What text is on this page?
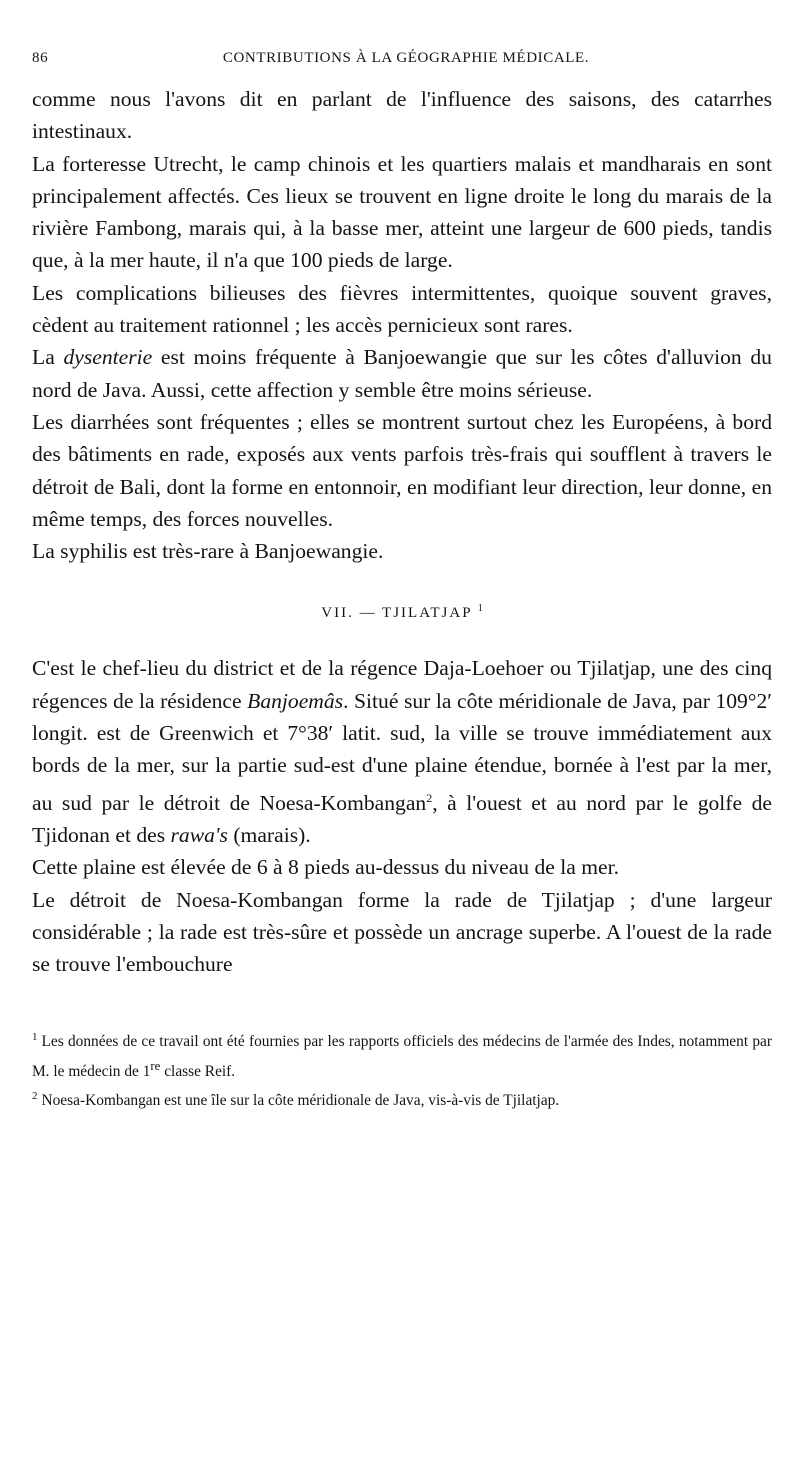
86	CONTRIBUTIONS À LA GÉOGRAPHIE MÉDICALE.

comme nous l'avons dit en parlant de l'influence des saisons, des catarrhes intestinaux.

La forteresse Utrecht, le camp chinois et les quartiers malais et mandharais en sont principalement affectés. Ces lieux se trouvent en ligne droite le long du marais de la rivière Fambong, marais qui, à la basse mer, atteint une largeur de 600 pieds, tandis que, à la mer haute, il n'a que 100 pieds de large.

Les complications bilieuses des fièvres intermittentes, quoique souvent graves, cèdent au traitement rationnel ; les accès pernicieux sont rares.

La dysenterie est moins fréquente à Banjoewangie que sur les côtes d'alluvion du nord de Java. Aussi, cette affection y semble être moins sérieuse.

Les diarrhées sont fréquentes ; elles se montrent surtout chez les Européens, à bord des bâtiments en rade, exposés aux vents parfois très-frais qui soufflent à travers le détroit de Bali, dont la forme en entonnoir, en modifiant leur direction, leur donne, en même temps, des forces nouvelles.

La syphilis est très-rare à Banjoewangie.

VII. — TJILATJAP $^1$

C'est le chef-lieu du district et de la régence Daja-Loehoer ou Tjilatjap, une des cinq régences de la résidence Banjoemâs. Situé sur la côte méridionale de Java, par 109°2′ longit. est de Greenwich et 7°38′ latit. sud, la ville se trouve immédiatement aux bords de la mer, sur la partie sud-est d'une plaine étendue, bornée à l'est par la mer, au sud par le détroit de Noesa-Kombangan$^2$, à l'ouest et au nord par le golfe de Tjidonan et des rawa's (marais).

Cette plaine est élevée de 6 à 8 pieds au-dessus du niveau de la mer.

Le détroit de Noesa-Kombangan forme la rade de Tjilatjap ; d'une largeur considérable ; la rade est très-sûre et possède un ancrage superbe. A l'ouest de la rade se trouve l'embouchure

$^1$ Les données de ce travail ont été fournies par les rapports officiels des médecins de l'armée des Indes, notamment par M. le médecin de 1re classe Reif.

$^2$ Noesa-Kombangan est une île sur la côte méridionale de Java, vis-à-vis de Tjilatjap.
